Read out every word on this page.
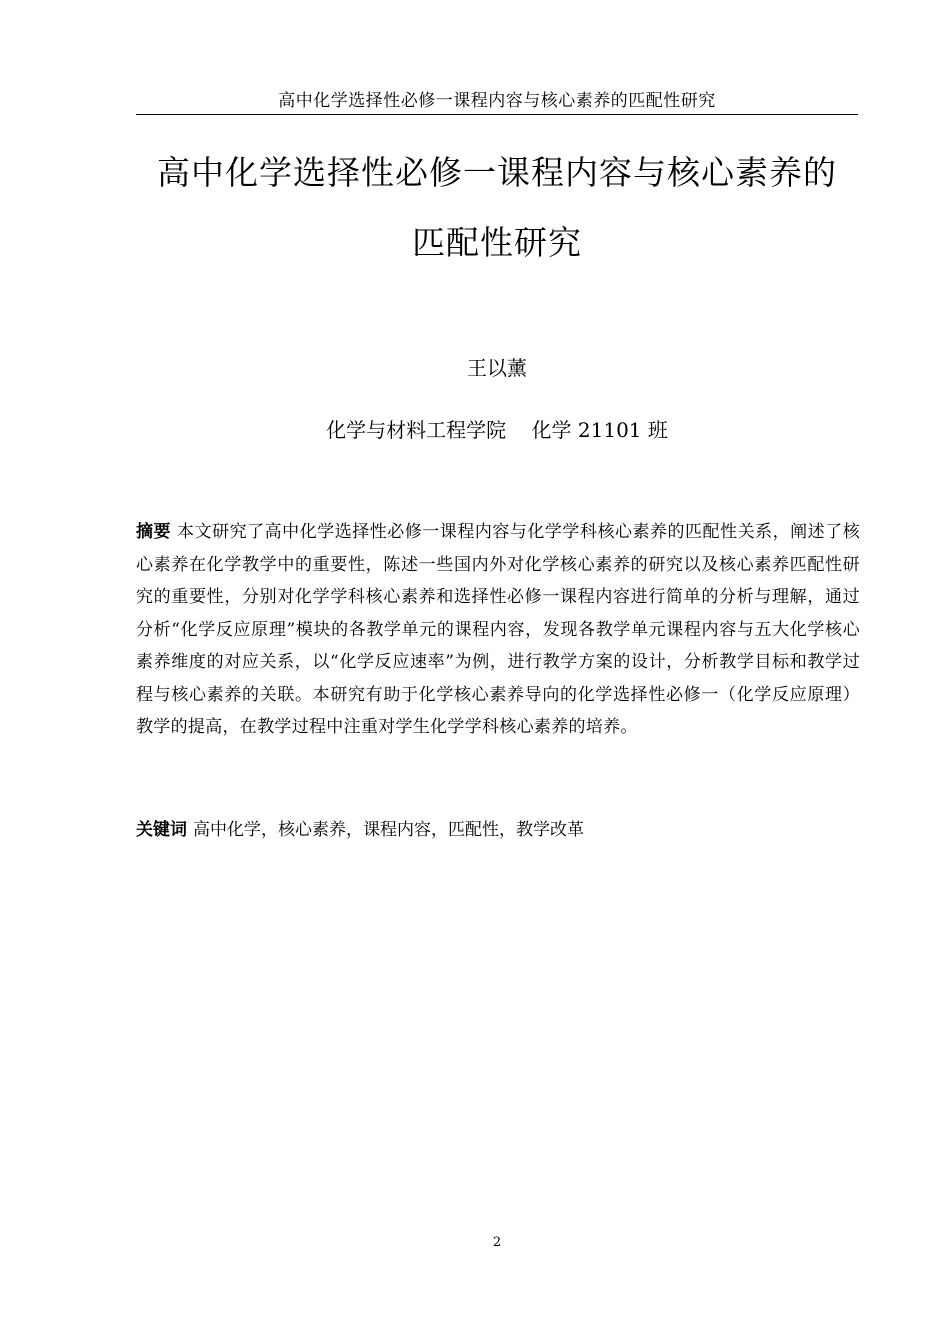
高中化学选择性必修一课程内容与核心素养的匹配性研究
高中化学选择性必修一课程内容与核心素养的
匹配性研究
王以薰
化学与材料工程学院    化学 21101 班
摘要 本文研究了高中化学选择性必修一课程内容与化学学科核心素养的匹配性关系，阐述了核心素养在化学教学中的重要性，陈述一些国内外对化学核心素养的研究以及核心素养匹配性研究的重要性，分别对化学学科核心素养和选择性必修一课程内容进行简单的分析与理解，通过分析“化学反应原理”模块的各教学单元的课程内容，发现各教学单元课程内容与五大化学核心素养维度的对应关系，以“化学反应速率”为例，进行教学方案的设计，分析教学目标和教学过程与核心素养的关联。本研究有助于化学核心素养导向的化学选择性必修一（化学反应原理）教学的提高，在教学过程中注重对学生化学学科核心素养的培养。
关键词 高中化学，核心素养，课程内容，匹配性，教学改革
2
